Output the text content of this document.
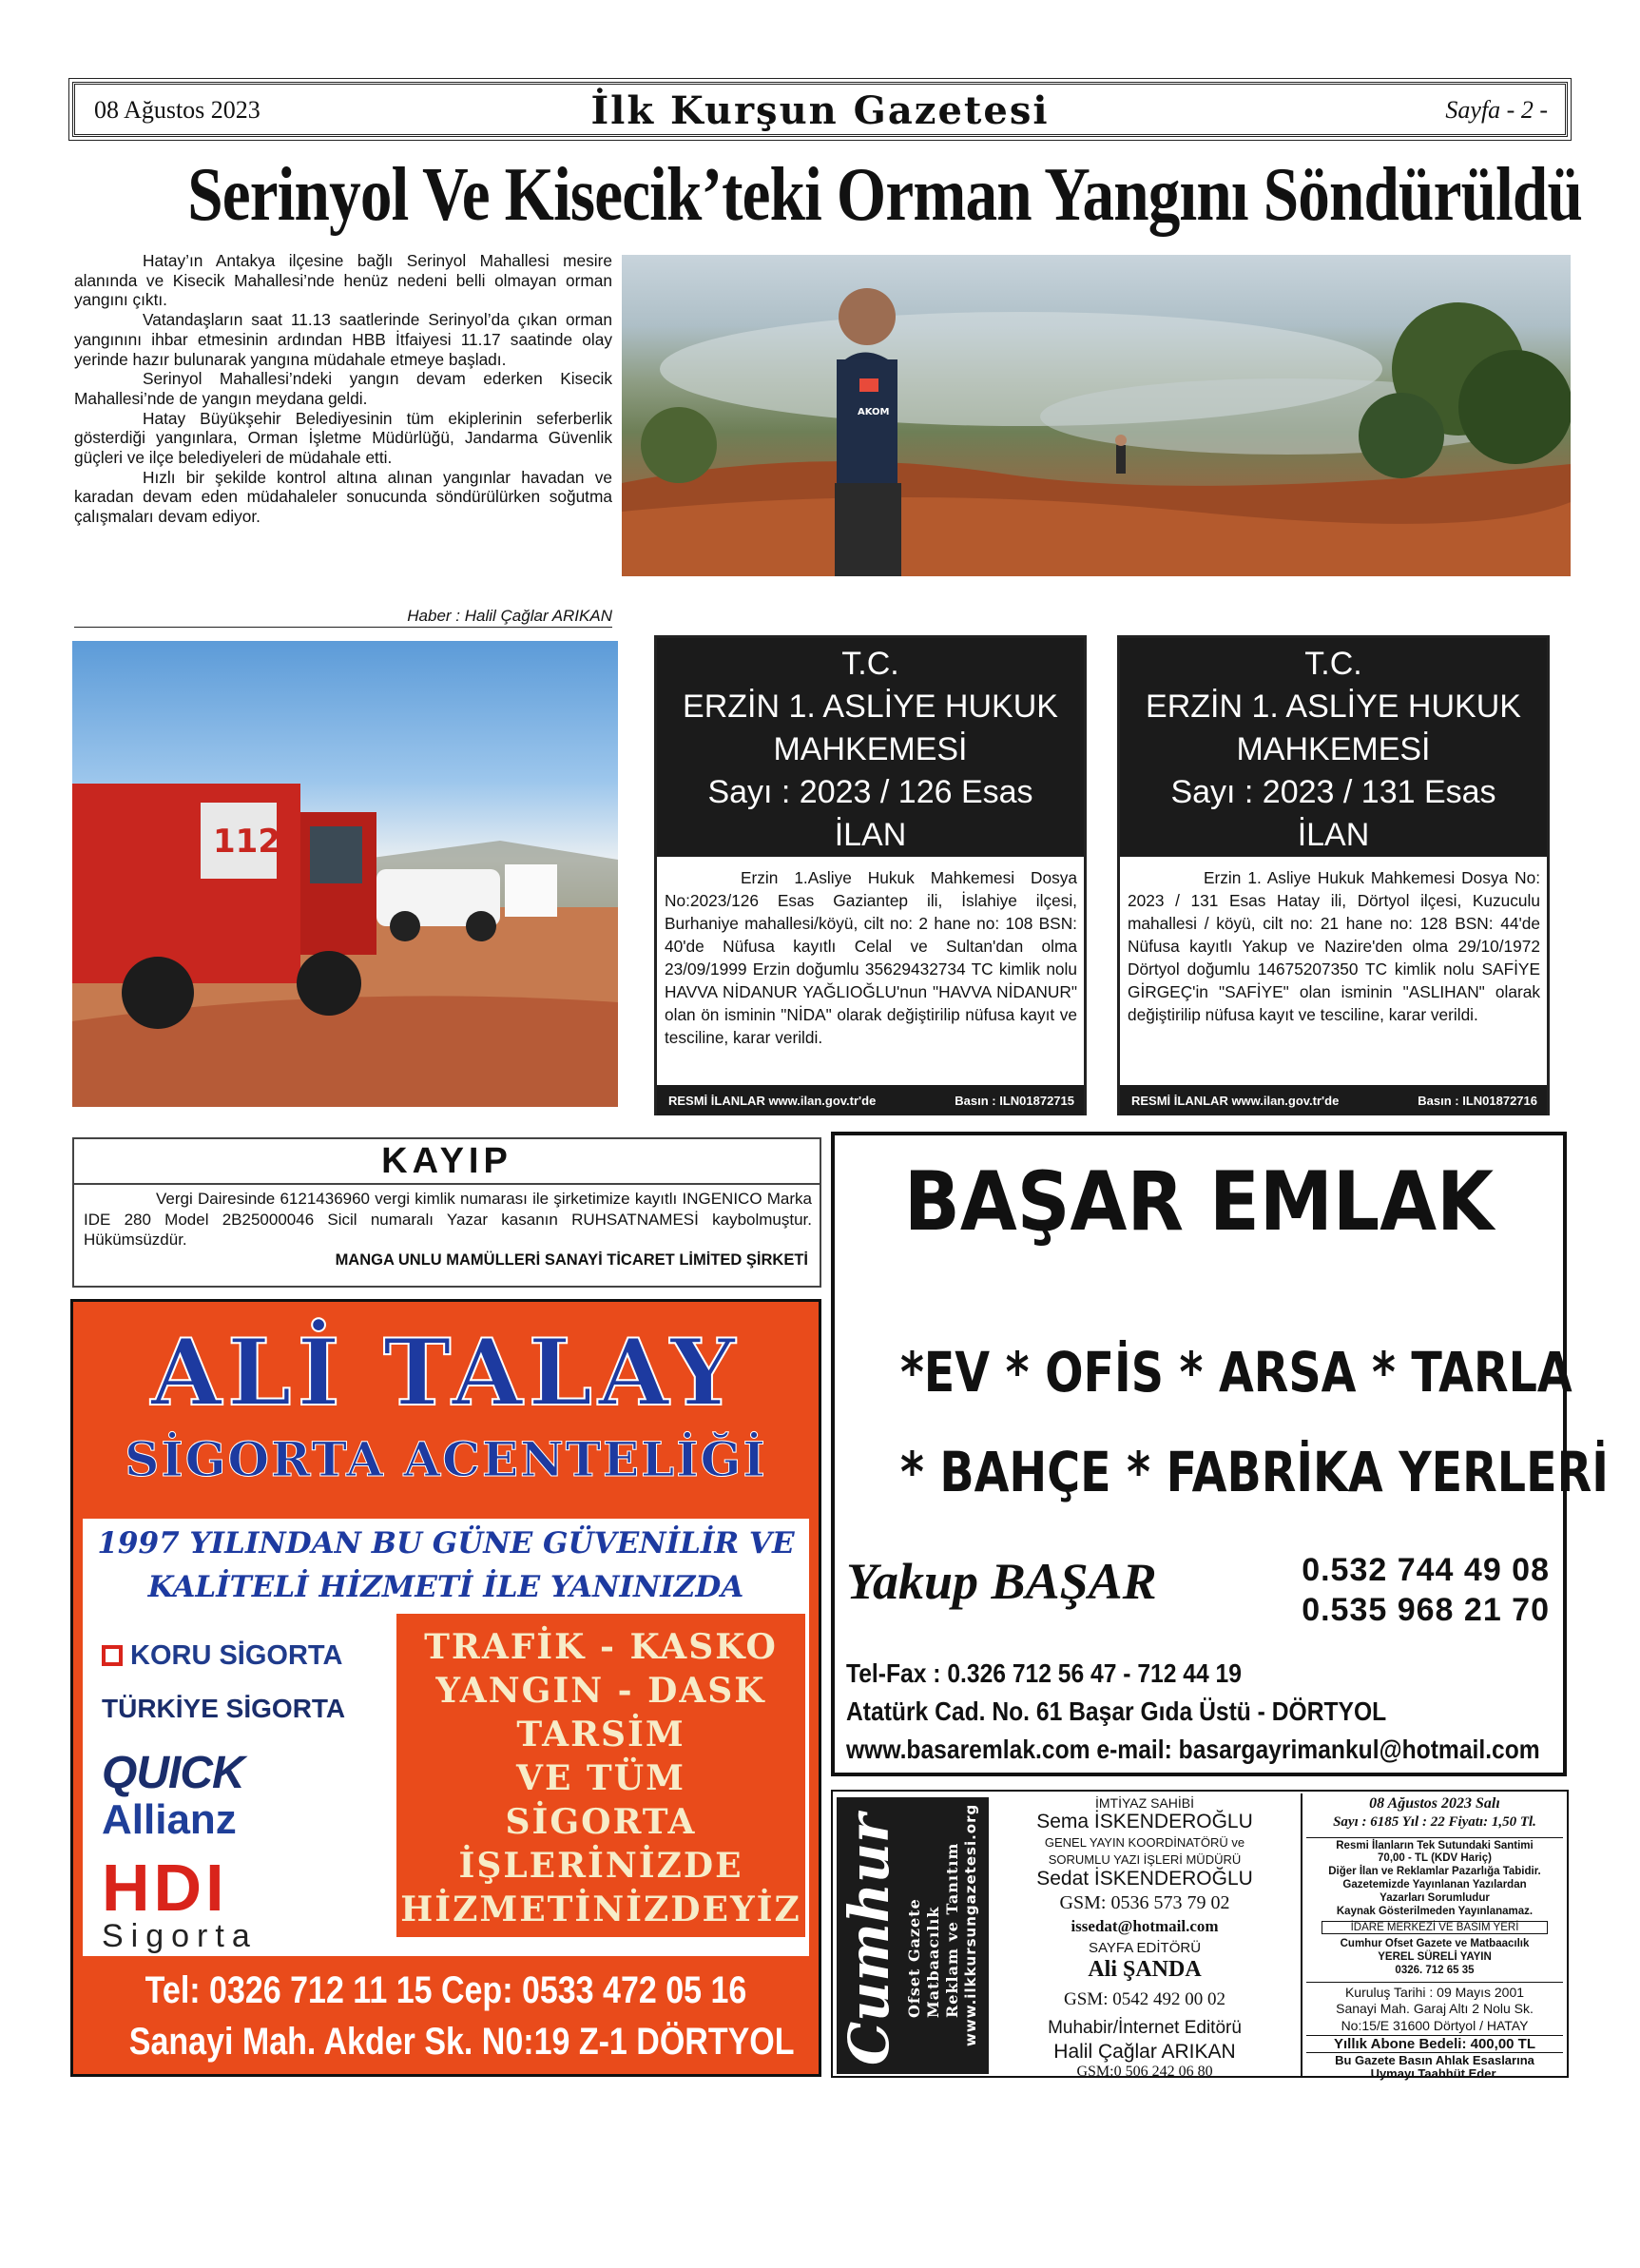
08 Ağustos 2023	İlk Kurşun Gazetesi	Sayfa - 2 -
Serinyol Ve Kisecik’teki Orman Yangını Söndürüldü

Hatay’ın Antakya ilçesine bağlı Serinyol Mahallesi mesire alanında ve Kisecik Mahallesi’nde henüz nedeni belli olmayan orman yangını çıktı.

Vatandaşların saat 11.13 saatlerinde Serinyol’da çıkan orman yangınını ihbar etmesinin ardından HBB İtfaiyesi 11.17 saatinde olay yerinde hazır bulunarak yangına müdahale etmeye başladı.

Serinyol Mahallesi’ndeki yangın devam ederken Kisecik Mahallesi’nde de yangın meydana geldi.

Hatay Büyükşehir Belediyesinin tüm ekiplerinin seferberlik gösterdiği yangınlara, Orman İşletme Müdürlüğü, Jandarma Güvenlik güçleri ve ilçe belediyeleri de müdahale etti.

Hızlı bir şekilde kontrol altına alınan yangınlar havadan ve karadan devam eden müdahaleler sonucunda söndürülürken soğutma çalışmaları devam ediyor.

Haber : Halil Çağlar ARIKAN
AKOM
112
T.C.
ERZİN 1. ASLİYE HUKUK
MAHKEMESİ
Sayı : 2023 / 126 Esas
İLAN

Erzin 1.Asliye Hukuk Mahkemesi Dosya No:2023/126 Esas Gaziantep ili, İslahiye ilçesi, Burhaniye mahallesi/köyü, cilt no: 2 hane no: 108 BSN: 40'de Nüfusa kayıtlı Celal ve Sultan'dan olma 23/09/1999 Erzin doğumlu 35629432734 TC kimlik nolu HAVVA NİDANUR YAĞLIOĞLU'nun "HAVVA NİDANUR" olan ön isminin "NİDA" olarak değiştirilip nüfusa kayıt ve tesciline, karar verildi.

RESMİ İLANLAR www.ilan.gov.tr'de	Basın : ILN01872715
T.C.
ERZİN 1. ASLİYE HUKUK
MAHKEMESİ
Sayı : 2023 / 131 Esas
İLAN

Erzin 1. Asliye Hukuk Mahkemesi Dosya No: 2023 / 131 Esas Hatay ili, Dörtyol ilçesi, Kuzuculu mahallesi / köyü, cilt no: 21 hane no: 128 BSN: 44'de Nüfusa kayıtlı Yakup ve Nazire'den olma 29/10/1972 Dörtyol doğumlu 14675207350 TC kimlik nolu SAFİYE GİRGEÇ'in "SAFİYE" olan isminin "ASLIHAN" olarak değiştirilip nüfusa kayıt ve tesciline, karar verildi.

RESMİ İLANLAR www.ilan.gov.tr'de	Basın : ILN01872716
KAYIP

Vergi Dairesinde 6121436960 vergi kimlik numarası ile şirketimize kayıtlı INGENICO Marka IDE 280 Model 2B25000046 Sicil numaralı Yazar kasanın RUHSATNAMESİ kaybolmuştur. Hükümsüzdür.

MANGA UNLU MAMÜLLERİ SANAYİ TİCARET LİMİTED ŞİRKETİ
BAŞAR EMLAK
*EV * OFİS * ARSA * TARLA
* BAHÇE * FABRİKA YERLERİ
Yakup BAŞAR	0.532 744 49 08
0.535 968 21 70
Tel-Fax : 0.326 712 56 47 - 712 44 19
Atatürk Cad. No. 61 Başar Gıda Üstü - DÖRTYOL
www.basaremlak.com e-mail: basargayrimankul@hotmail.com
ALİ TALAY
SİGORTA ACENTELİĞİ
1997 YILINDAN BU GÜNE GÜVENİLİR VE
KALİTELİ HİZMETİ İLE YANINIZDA
KORU SİGORTA
TÜRKİYE SİGORTA
QUICK
Allianz
HDI
Sigorta
TRAFİK - KASKO
YANGIN - DASK
TARSİM
VE TÜM
SİGORTA
İŞLERİNİZDE
HİZMETİNİZDEYİZ
Tel: 0326 712 11 15 Cep: 0533 472 05 16
Sanayi Mah. Akder Sk. N0:19 Z-1 DÖRTYOL Cumhur Ofset Gazete Matbaacılık Reklam ve Tanıtım www.ilkkursungazetesi.org
İMTİYAZ SAHİBİ
Sema İSKENDEROĞLU
GENEL YAYIN KOORDİNATÖRÜ ve
SORUMLU YAZI İŞLERİ MÜDÜRÜ
Sedat İSKENDEROĞLU
GSM: 0536 573 79 02
issedat@hotmail.com
SAYFA EDİTÖRÜ
Ali ŞANDA
GSM: 0542 492 00 02
Muhabir/İnternet Editörü
Halil Çağlar ARIKAN
GSM:0 506 242 06 80
08 Ağustos 2023 Salı
Sayı : 6185 Yıl : 22 Fiyatı: 1,50 Tl.
Resmi İlanların Tek Sutundaki Santimi
70,00 - TL (KDV Hariç)
Diğer İlan ve Reklamlar Pazarlığa Tabidir.
Gazetemizde Yayınlanan Yazılardan
Yazarları Sorumludur
Kaynak Gösterilmeden Yayınlanamaz.
İDARE MERKEZİ VE BASIM YERİ
Cumhur Ofset Gazete ve Matbaacılık
YEREL SÜRELİ YAYIN
0326. 712 65 35
Kuruluş Tarihi : 09 Mayıs 2001
Sanayi Mah. Garaj Altı 2 Nolu Sk.
No:15/E 31600 Dörtyol / HATAY
Yıllık Abone Bedeli: 400,00 TL
Bu Gazete Basın Ahlak Esaslarına
Uymayı Taahhüt Eder.
